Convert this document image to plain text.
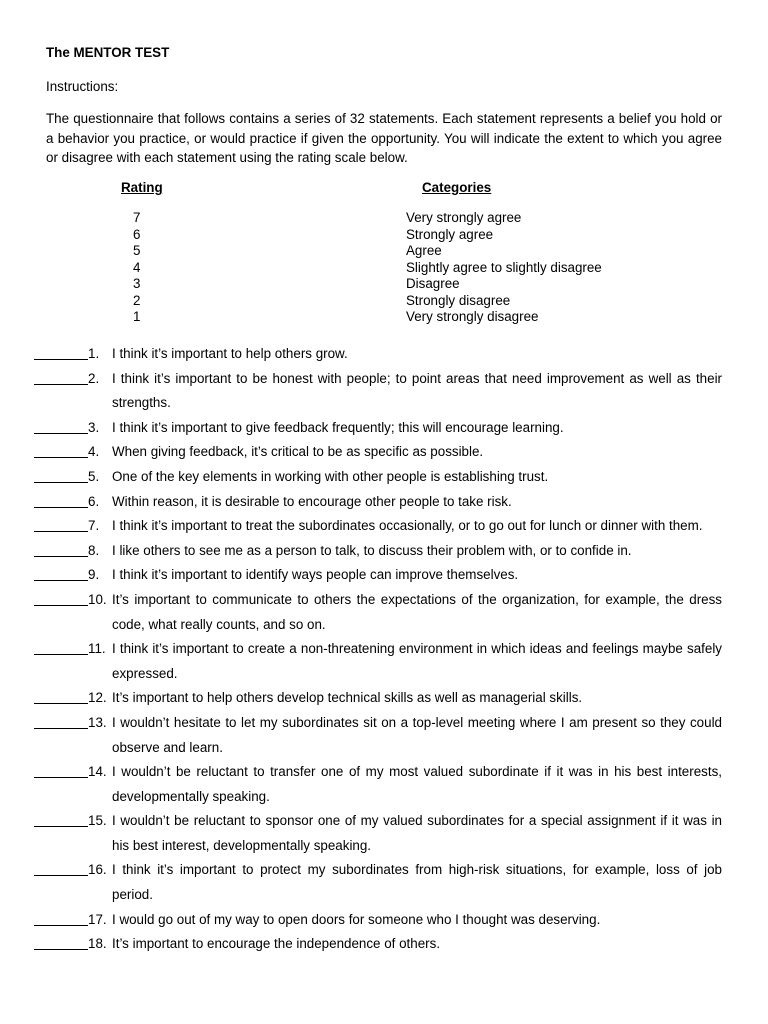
The MENTOR TEST
Instructions:
The questionnaire that follows contains a series of 32 statements. Each statement represents a belief you hold or a behavior you practice, or would practice if given the opportunity. You will indicate the extent to which you agree or disagree with each statement using the rating scale below.
Rating	Categories
7
6
5
4
3
2
1
Very strongly agree
Strongly agree
Agree
Slightly agree to slightly disagree
Disagree
Strongly disagree
Very strongly disagree
1. I think it’s important to help others grow.
2. I think it’s important to be honest with people; to point areas that need improvement as well as their strengths.
3. I think it’s important to give feedback frequently; this will encourage learning.
4. When giving feedback, it’s critical to be as specific as possible.
5. One of the key elements in working with other people is establishing trust.
6. Within reason, it is desirable to encourage other people to take risk.
7. I think it’s important to treat the subordinates occasionally, or to go out for lunch or dinner with them.
8. I like others to see me as a person to talk, to discuss their problem with, or to confide in.
9. I think it’s important to identify ways people can improve themselves.
10. It’s important to communicate to others the expectations of the organization, for example, the dress code, what really counts, and so on.
11. I think it’s important to create a non-threatening environment in which ideas and feelings maybe safely expressed.
12. It’s important to help others develop technical skills as well as managerial skills.
13. I wouldn’t hesitate to let my subordinates sit on a top-level meeting where I am present so they could observe and learn.
14. I wouldn’t be reluctant to transfer one of my most valued subordinate if it was in his best interests, developmentally speaking.
15. I wouldn’t be reluctant to sponsor one of my valued subordinates for a special assignment if it was in his best interest, developmentally speaking.
16. I think it’s important to protect my subordinates from high-risk situations, for example, loss of job period.
17. I would go out of my way to open doors for someone who I thought was deserving.
18. It’s important to encourage the independence of others.
